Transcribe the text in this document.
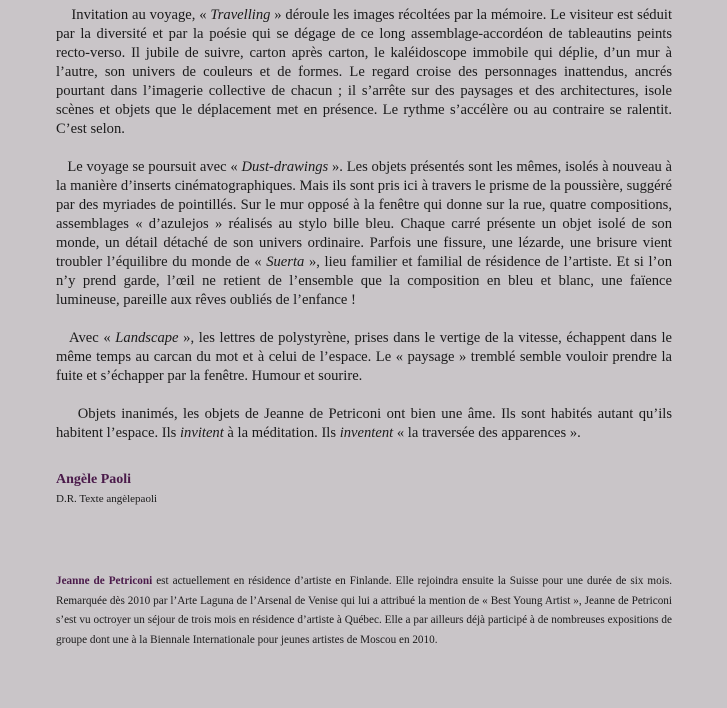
Invitation au voyage, « Travelling » déroule les images récoltées par la mémoire. Le visiteur est séduit par la diversité et par la poésie qui se dégage de ce long assemblage-accordéon de tableautins peints recto-verso. Il jubile de suivre, carton après carton, le kaléidoscope immobile qui déplie, d’un mur à l’autre, son univers de couleurs et de formes. Le regard croise des personnages inattendus, ancrés pourtant dans l’imagerie collective de chacun ; il s’arrête sur des paysages et des architectures, isole scènes et objets que le déplacement met en présence. Le rythme s’accélère ou au contraire se ralentit. C’est selon.

Le voyage se poursuit avec « Dust-drawings ». Les objets présentés sont les mêmes, isolés à nouveau à la manière d’inserts cinématographiques. Mais ils sont pris ici à travers le prisme de la poussière, suggéré par des myriades de pointillés. Sur le mur opposé à la fenêtre qui donne sur la rue, quatre compositions, assemblages « d’azulejos » réalisés au stylo bille bleu. Chaque carré présente un objet isolé de son monde, un détail détaché de son univers ordinaire. Parfois une fissure, une lézarde, une brisure vient troubler l’équilibre du monde de « Suerta », lieu familier et familial de résidence de l’artiste. Et si l’on n’y prend garde, l’œil ne retient de l’ensemble que la composition en bleu et blanc, une faïence lumineuse, pareille aux rêves oubliés de l’enfance !

Avec « Landscape », les lettres de polystyrène, prises dans le vertige de la vitesse, échappent dans le même temps au carcan du mot et à celui de l’espace. Le « paysage » tremblé semble vouloir prendre la fuite et s’échapper par la fenêtre. Humour et sourire.

Objets inanimés, les objets de Jeanne de Petriconi ont bien une âme. Ils sont habités autant qu’ils habitent l’espace. Ils invitent à la méditation. Ils inventent « la traversée des apparences ».

Angèle Paoli
D.R. Texte angèlepaoli
Jeanne de Petriconi est actuellement en résidence d’artiste en Finlande. Elle rejoindra ensuite la Suisse pour une durée de six mois. Remarquée dès 2010 par l’Arte Laguna de l’Arsenal de Venise qui lui a attribué la mention de « Best Young Artist », Jeanne de Petriconi s’est vu octroyer un séjour de trois mois en résidence d’artiste à Québec. Elle a par ailleurs déjà participé à de nombreuses expositions de groupe dont une à la Biennale Internationale pour jeunes artistes de Moscou en 2010.
